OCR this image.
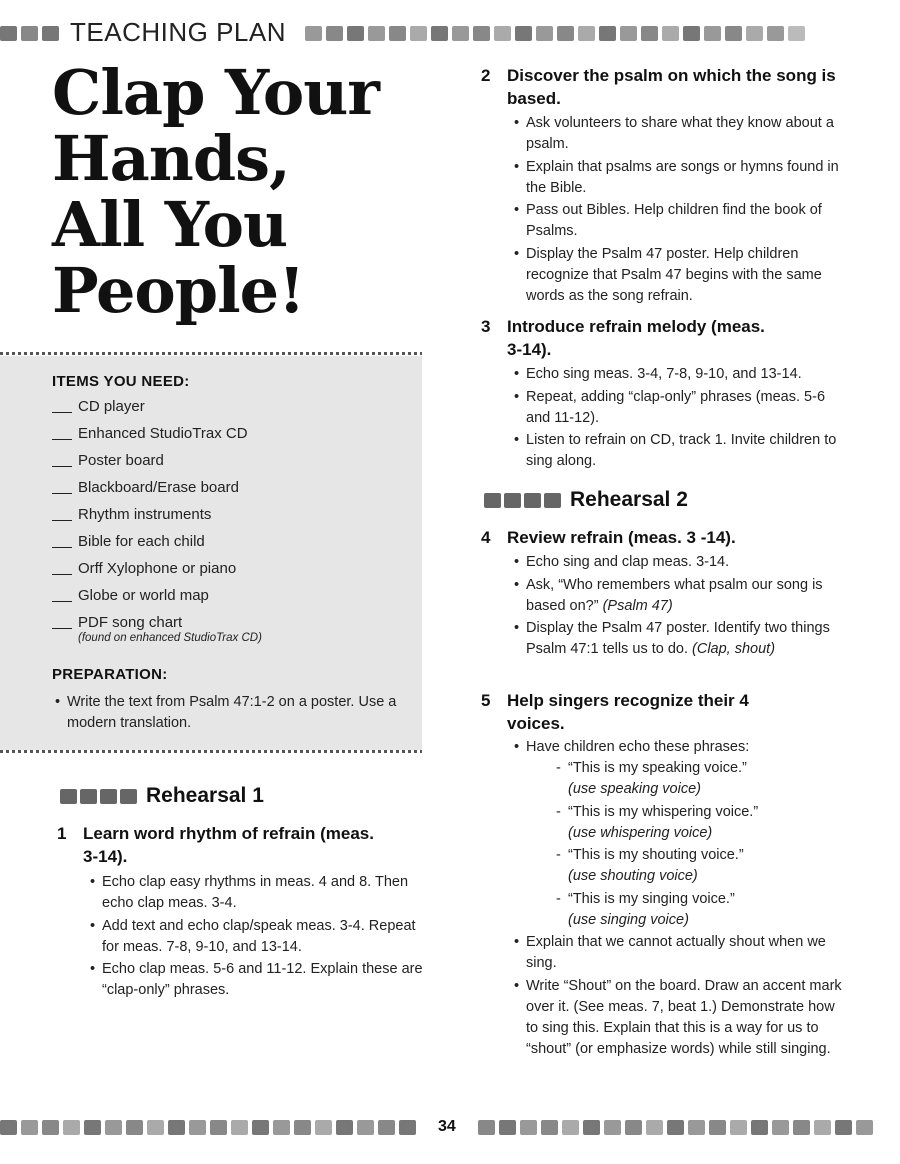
TEACHING PLAN
Clap Your
Hands,
All You
People!
ITEMS YOU NEED:
CD player
Enhanced StudioTrax CD
Poster board
Blackboard/Erase board
Rhythm instruments
Bible for each child
Orff Xylophone or piano
Globe or world map
PDF song chart
(found on enhanced StudioTrax CD)
PREPARATION:
• Write the text from Psalm 47:1-2 on a poster. Use a modern translation.
Rehearsal 1
1 Learn word rhythm of refrain (meas. 3-14).
• Echo clap easy rhythms in meas. 4 and 8. Then echo clap meas. 3-4.
• Add text and echo clap/speak meas. 3-4. Repeat for meas. 7-8, 9-10, and 13-14.
• Echo clap meas. 5-6 and 11-12. Explain these are “clap-only” phrases.
2 Discover the psalm on which the song is based.
• Ask volunteers to share what they know about a psalm.
• Explain that psalms are songs or hymns found in the Bible.
• Pass out Bibles. Help children find the book of Psalms.
• Display the Psalm 47 poster. Help children recognize that Psalm 47 begins with the same words as the song refrain.
3 Introduce refrain melody (meas. 3-14).
• Echo sing meas. 3-4, 7-8, 9-10, and 13-14.
• Repeat, adding “clap-only” phrases (meas. 5-6 and 11-12).
• Listen to refrain on CD, track 1. Invite children to sing along.
Rehearsal 2
4 Review refrain (meas. 3 -14).
• Echo sing and clap meas. 3-14.
• Ask, “Who remembers what psalm our song is based on?” (Psalm 47)
• Display the Psalm 47 poster. Identify two things Psalm 47:1 tells us to do. (Clap, shout)
5 Help singers recognize their 4 voices.
• Have children echo these phrases:
- “This is my speaking voice.”
(use speaking voice)
- “This is my whispering voice.”
(use whispering voice)
- “This is my shouting voice.”
(use shouting voice)
- “This is my singing voice.”
(use singing voice)
• Explain that we cannot actually shout when we sing.
• Write “Shout” on the board. Draw an accent mark over it. (See meas. 7, beat 1.) Demonstrate how to sing this. Explain that this is a way for us to “shout” (or emphasize words) while still singing.
34
